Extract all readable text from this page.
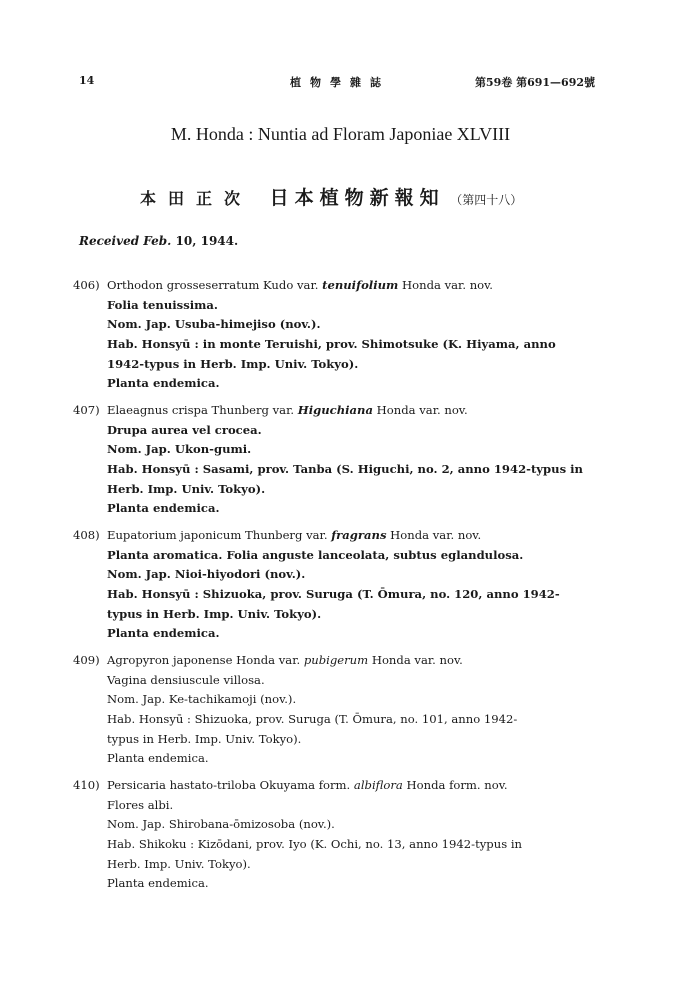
14	植物學雜誌	第59卷 第691—692號
M. Honda : Nuntia ad Floram Japoniae XLVIII
本田正次 日本植物新報知 （第四十八）
Received Feb. 10, 1944.
406) Orthodon grosseserratum Kudo var. tenuifolium Honda var. nov.
Folia tenuissima.
Nom. Jap. Usuba-himejiso (nov.).
Hab. Honsyū : in monte Teruishi, prov. Shimotsuke (K. Hiyama, anno
1942-typus in Herb. Imp. Univ. Tokyo).
Planta endemica.
407) Elaeagnus crispa Thunberg var. Higuchiana Honda var. nov.
Drupa aurea vel crocea.
Nom. Jap. Ukon-gumi.
Hab. Honsyū : Sasami, prov. Tanba (S. Higuchi, no. 2, anno 1942-typus in
Herb. Imp. Univ. Tokyo).
Planta endemica.
408) Eupatorium japonicum Thunberg var. fragrans Honda var. nov.
Planta aromatica. Folia anguste lanceolata, subtus eglandulosa.
Nom. Jap. Nioi-hiyodori (nov.).
Hab. Honsyū : Shizuoka, prov. Suruga (T. Ōmura, no. 120, anno 1942-
typus in Herb. Imp. Univ. Tokyo).
Planta endemica.
409) Agropyron japonense Honda var. pubigerum Honda var. nov.
Vagina densiuscule villosa.
Nom. Jap. Ke-tachikamoji (nov.).
Hab. Honsyū : Shizuoka, prov. Suruga (T. Ōmura, no. 101, anno 1942-
typus in Herb. Imp. Univ. Tokyo).
Planta endemica.
410) Persicaria hastato-triloba Okuyama form. albiflora Honda form. nov.
Flores albi.
Nom. Jap. Shirobana-ōmizosoba (nov.).
Hab. Shikoku : Kizōdani, prov. Iyo (K. Ochi, no. 13, anno 1942-typus in
Herb. Imp. Univ. Tokyo).
Planta endemica.
